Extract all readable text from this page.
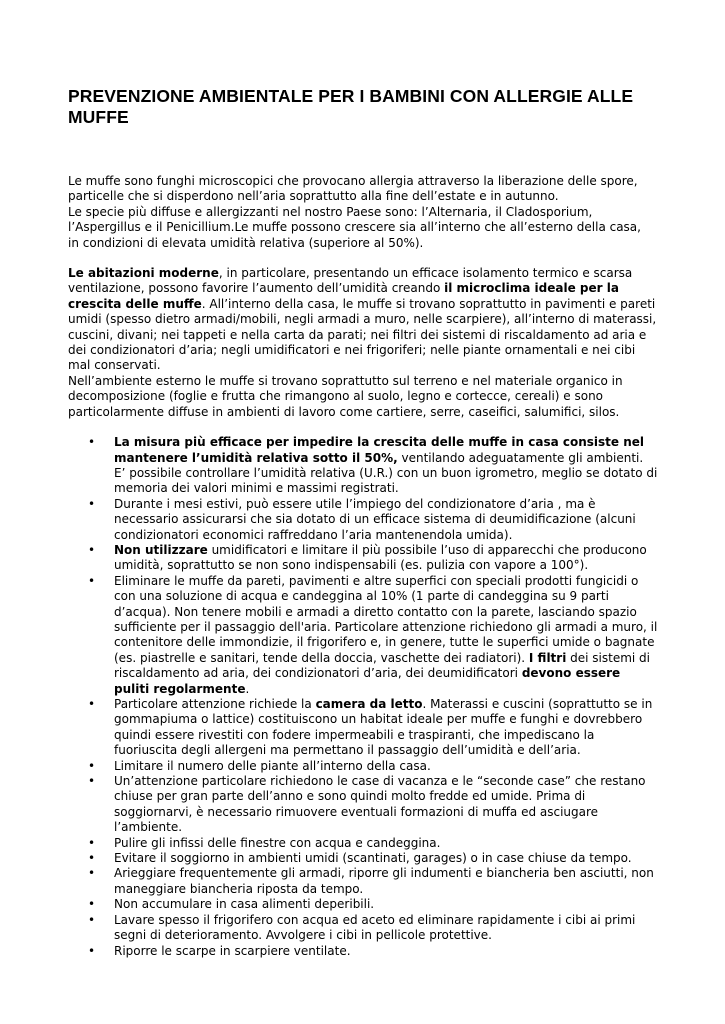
PREVENZIONE AMBIENTALE PER I BAMBINI CON ALLERGIE ALLE MUFFE
Le muffe sono funghi microscopici che provocano allergia attraverso la liberazione delle spore,
particelle che si disperdono nell’aria soprattutto alla fine dell’estate e in autunno.
Le specie più diffuse e allergizzanti nel nostro Paese sono: l’Alternaria, il Cladosporium,
l’Aspergillus e il Penicillium.Le muffe possono crescere sia all’interno che all’esterno della casa,
in condizioni di elevata umidità relativa (superiore al 50%).
Le abitazioni moderne, in particolare, presentando un efficace isolamento termico e scarsa ventilazione, possono favorire l’aumento dell’umidità creando il microclima ideale per la crescita delle muffe. All’interno della casa, le muffe si trovano soprattutto in pavimenti e pareti umidi (spesso dietro armadi/mobili, negli armadi a muro, nelle scarpiere), all’interno di materassi, cuscini, divani; nei tappeti e nella carta da parati; nei filtri dei sistemi di riscaldamento ad aria e dei condizionatori d’aria; negli umidificatori e nei frigoriferi; nelle piante ornamentali e nei cibi mal conservati.
Nell’ambiente esterno le muffe si trovano soprattutto sul terreno e nel materiale organico in decomposizione (foglie e frutta che rimangono al suolo, legno e cortecce, cereali) e sono particolarmente diffuse in ambienti di lavoro come cartiere, serre, caseifici, salumifici, silos.
• La misura più efficace per impedire la crescita delle muffe in casa consiste nel mantenere l’umidità relativa sotto il 50%, ventilando adeguatamente gli ambienti. E’ possibile controllare l’umidità relativa (U.R.) con un buon igrometro, meglio se dotato di memoria dei valori minimi e massimi registrati.
• Durante i mesi estivi, può essere utile l’impiego del condizionatore d’aria , ma è necessario assicurarsi che sia dotato di un efficace sistema di deumidificazione (alcuni condizionatori economici raffreddano l’aria mantenendola umida).
• Non utilizzare umidificatori e limitare il più possibile l’uso di apparecchi che producono umidità, soprattutto se non sono indispensabili (es. pulizia con vapore a 100°).
• Eliminare le muffe da pareti, pavimenti e altre superfici con speciali prodotti fungicidi o con una soluzione di acqua e candeggina al 10% (1 parte di candeggina su 9 parti d’acqua). Non tenere mobili e armadi a diretto contatto con la parete, lasciando spazio sufficiente per il passaggio dell'aria. Particolare attenzione richiedono gli armadi a muro, il contenitore delle immondizie, il frigorifero e, in genere, tutte le superfici umide o bagnate (es. piastrelle e sanitari, tende della doccia, vaschette dei radiatori). I filtri dei sistemi di riscaldamento ad aria, dei condizionatori d’aria, dei deumidificatori devono essere puliti regolarmente.
• Particolare attenzione richiede la camera da letto. Materassi e cuscini (soprattutto se in gommapiuma o lattice) costituiscono un habitat ideale per muffe e funghi e dovrebbero quindi essere rivestiti con fodere impermeabili e traspiranti, che impediscano la fuoriuscita degli allergeni ma permettano il passaggio dell’umidità e dell’aria.
• Limitare il numero delle piante all’interno della casa.
• Un’attenzione particolare richiedono le case di vacanza e le “seconde case” che restano chiuse per gran parte dell’anno e sono quindi molto fredde ed umide. Prima di soggiornarvi, è necessario rimuovere eventuali formazioni di muffa ed asciugare l’ambiente.
• Pulire gli infissi delle finestre con acqua e candeggina.
• Evitare il soggiorno in ambienti umidi (scantinati, garages) o in case chiuse da tempo.
• Arieggiare frequentemente gli armadi, riporre gli indumenti e biancheria ben asciutti, non maneggiare biancheria riposta da tempo.
• Non accumulare in casa alimenti deperibili.
• Lavare spesso il frigorifero con acqua ed aceto ed eliminare rapidamente i cibi ai primi segni di deterioramento. Avvolgere i cibi in pellicole protettive.
• Riporre le scarpe in scarpiere ventilate.
